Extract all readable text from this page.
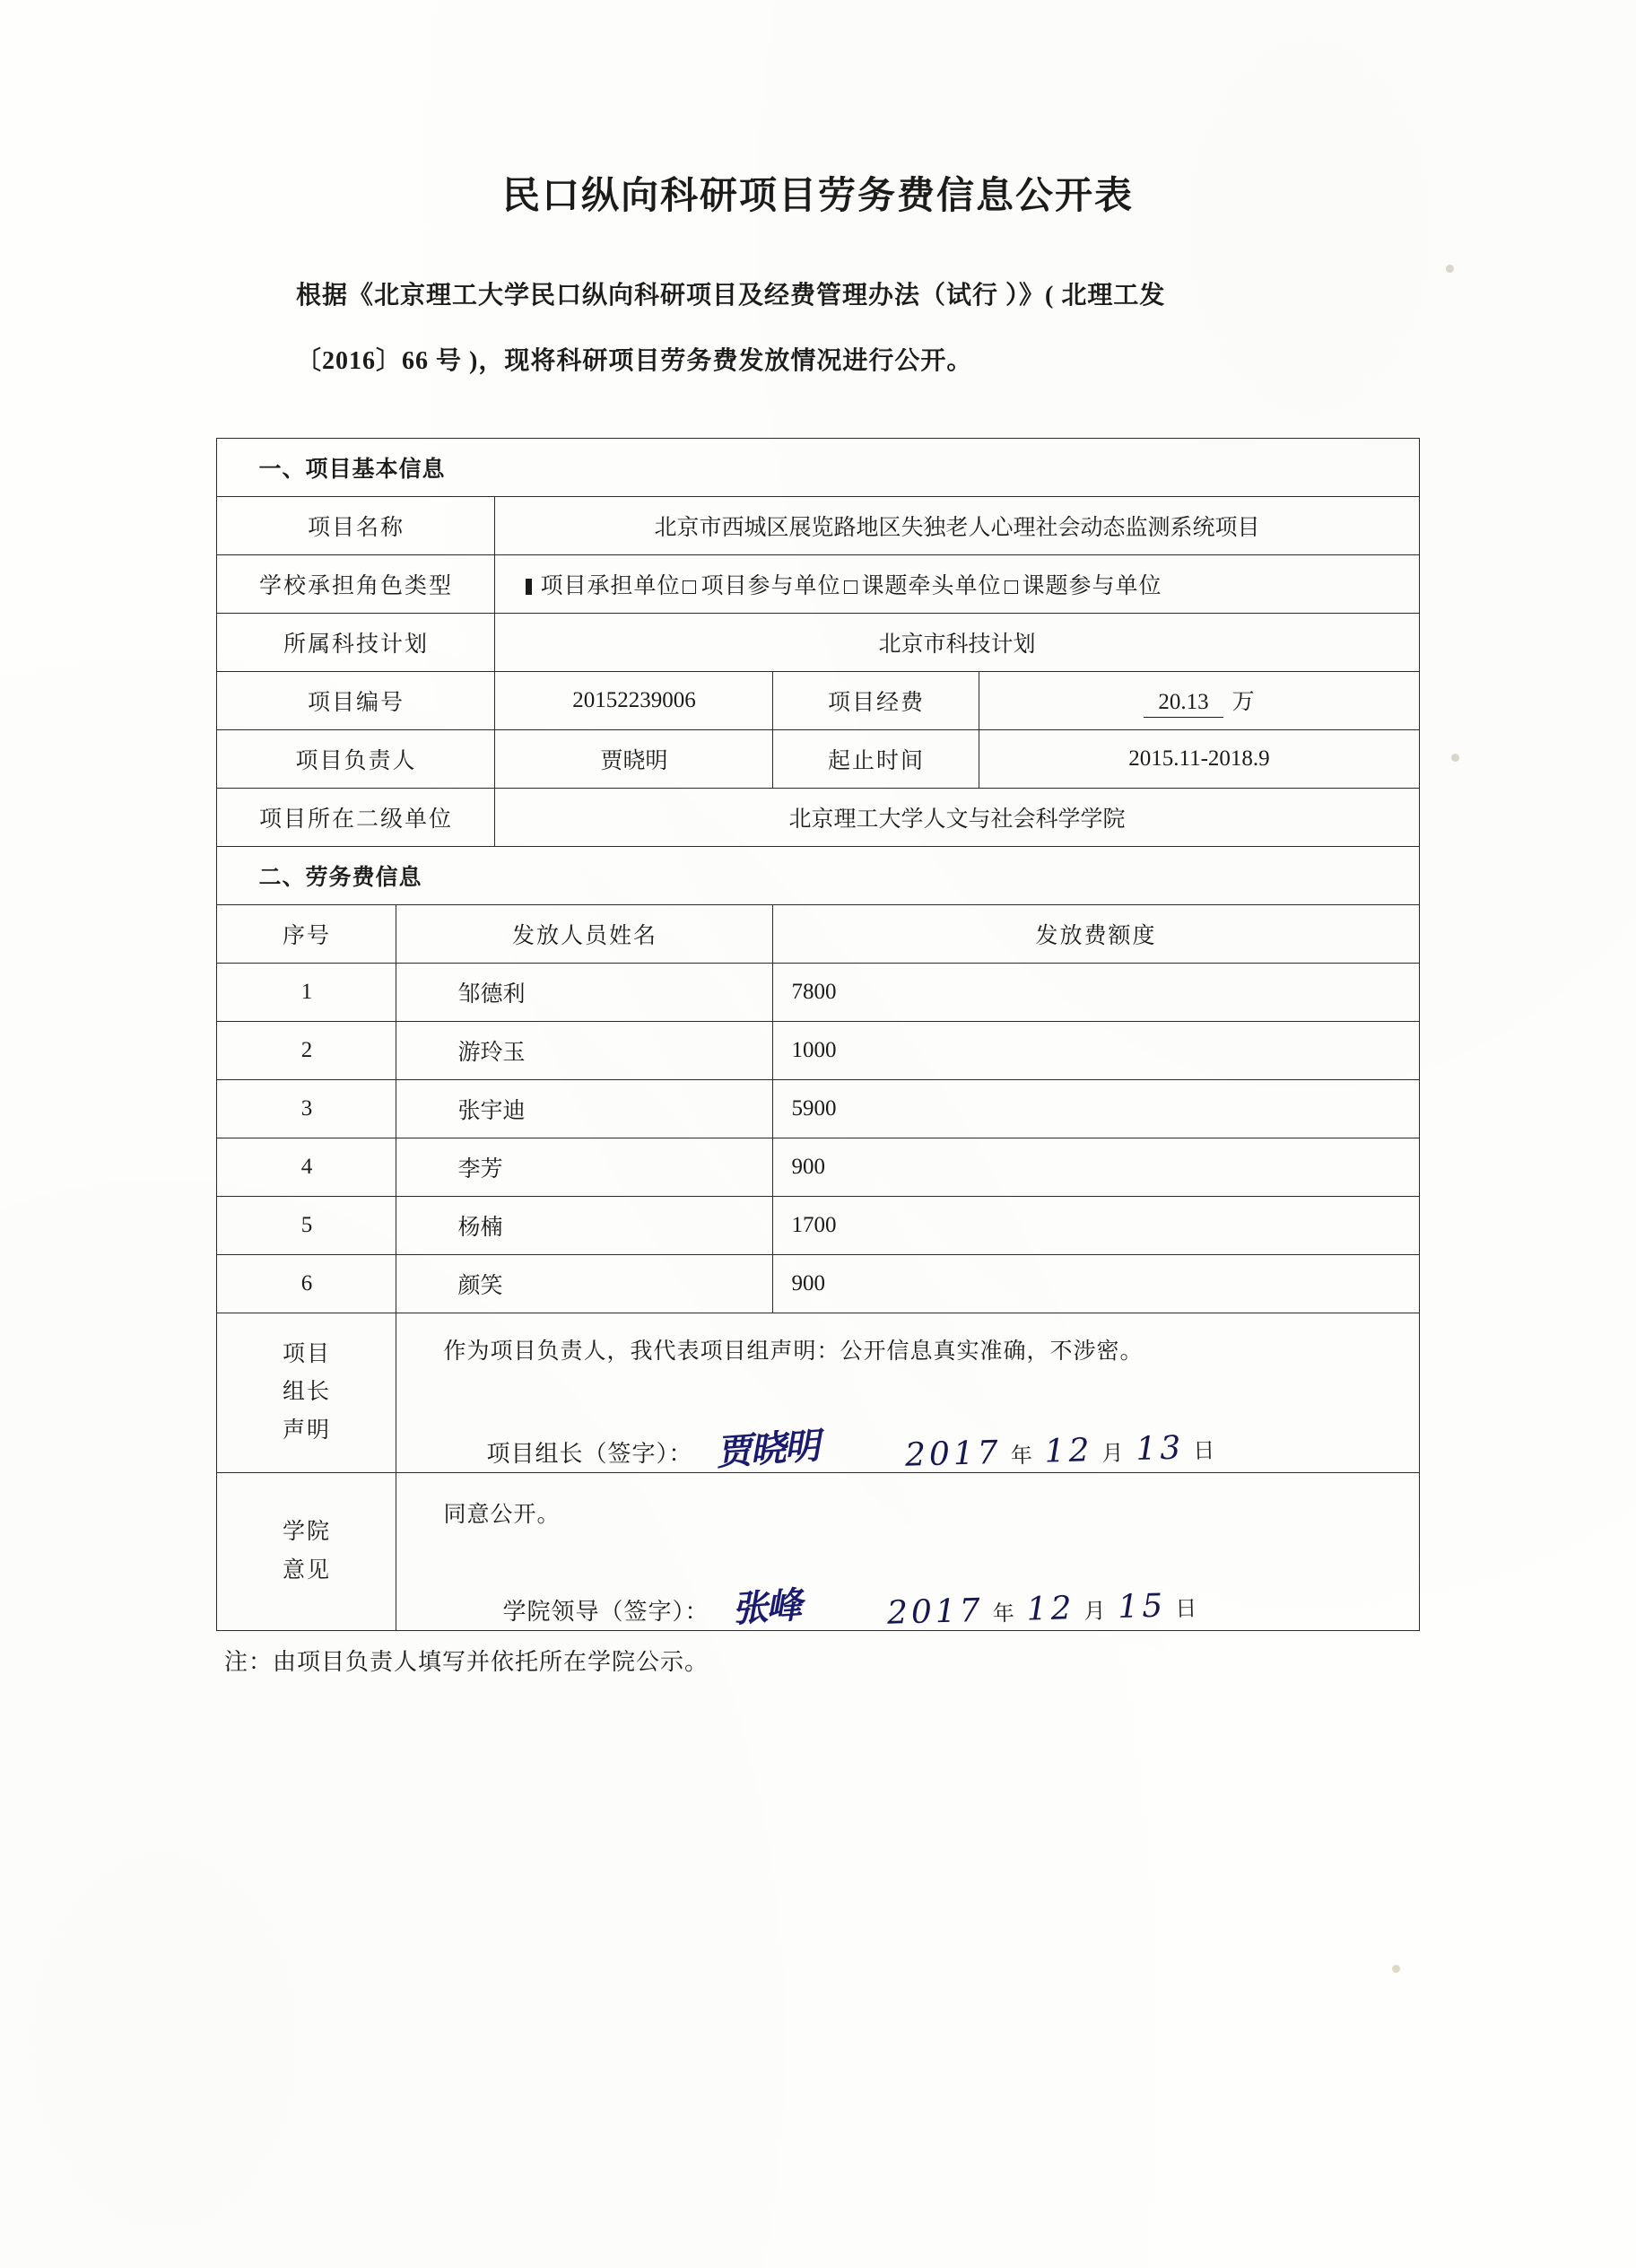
民口纵向科研项目劳务费信息公开表
根据《北京理工大学民口纵向科研项目及经费管理办法（试行 ）》( 北理工发
〔2016〕66 号 )，现将科研项目劳务费发放情况进行公开。
一、项目基本信息				
项目名称		北京市西城区展览路地区失独老人心理社会动态监测系统项目		
学校承担角色类型		项目承担单位 项目参与单位 课题牵头单位 课题参与单位		
所属科技计划		北京市科技计划		
项目编号		20152239006	项目经费	20.13 万
项目负责人		贾晓明	起止时间	2015.11-2018.9
项目所在二级单位		北京理工大学人文与社会科学学院		
二、劳务费信息				
序号	发放人员姓名		发放费额度	
1	邹德利		7800	
2	游玲玉		1000	
3	张宇迪		5900	
4	李芳		900	
5	杨楠		1700	
6	颜笑		900	

项目
组长
声明

作为项目负责人，我代表项目组声明：公开信息真实准确，不涉密。
项目组长（签字）： 贾晓明	2017 年 12 月 13 日

学院
意见

同意公开。
学院领导（签字）： 张峰	2017 年 12 月 15 日
注：由项目负责人填写并依托所在学院公示。
